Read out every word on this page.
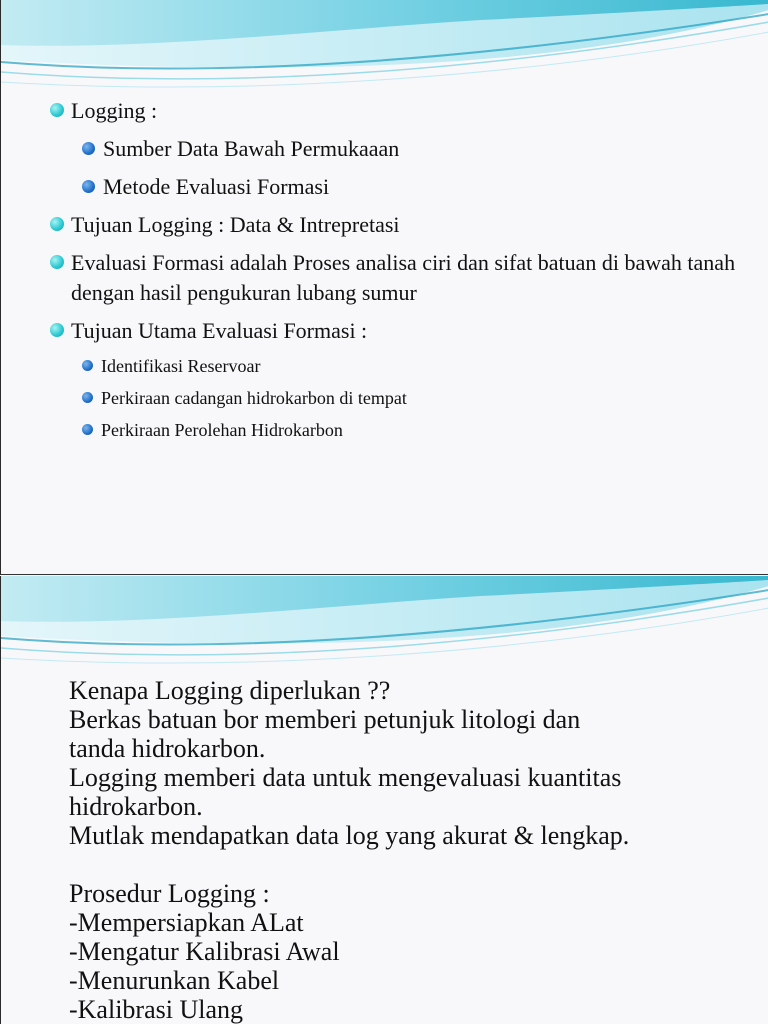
Logging :
Sumber Data Bawah Permukaaan
Metode Evaluasi Formasi
Tujuan Logging : Data & Intrepretasi
Evaluasi Formasi adalah Proses analisa ciri dan sifat batuan di bawah tanah dengan hasil pengukuran lubang sumur
Tujuan Utama Evaluasi Formasi :
Identifikasi Reservoar
Perkiraan cadangan hidrokarbon di tempat
Perkiraan Perolehan Hidrokarbon
Kenapa Logging diperlukan ??
Berkas batuan bor memberi petunjuk litologi dan
tanda hidrokarbon.
Logging memberi data untuk mengevaluasi kuantitas
hidrokarbon.
Mutlak mendapatkan data log yang akurat & lengkap.
Prosedur Logging :
-Mempersiapkan ALat
-Mengatur Kalibrasi Awal
-Menurunkan Kabel
-Kalibrasi Ulang
